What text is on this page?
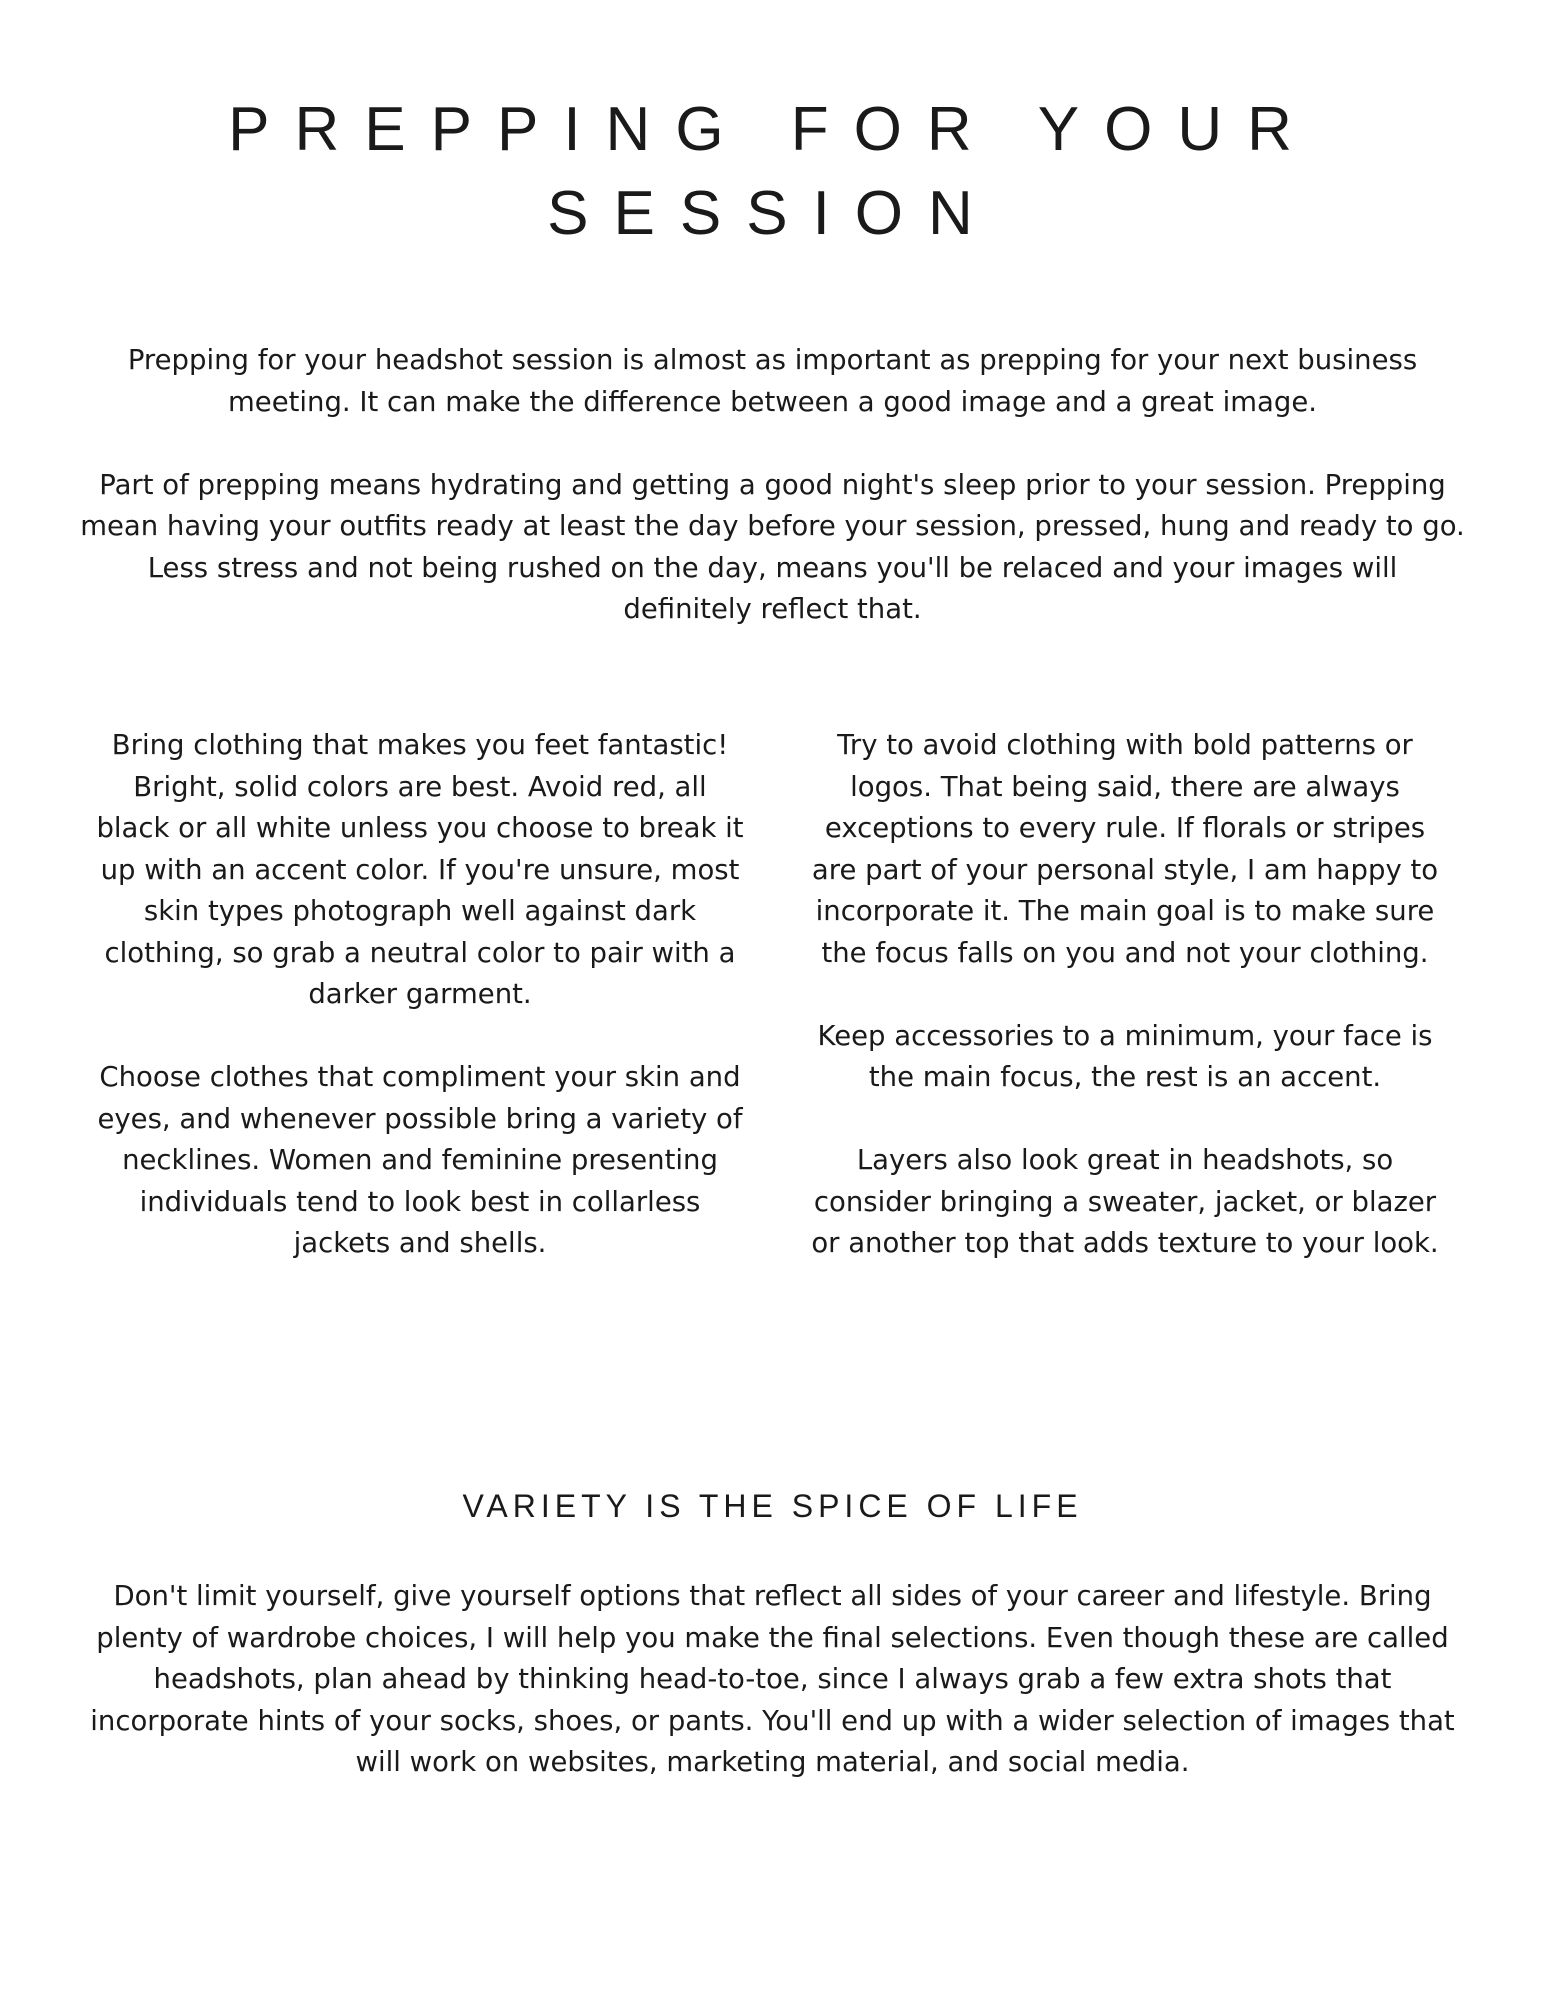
PREPPING FOR YOUR
SESSION

Prepping for your headshot session is almost as important as prepping for your next business meeting. It can make the difference between a good image and a great image.

Part of prepping means hydrating and getting a good night's sleep prior to your session. Prepping mean having your outfits ready at least the day before your session, pressed, hung and ready to go. Less stress and not being rushed on the day, means you'll be relaced and your images will definitely reflect that.

Bring clothing that makes you feet fantastic! Bright, solid colors are best. Avoid red, all black or all white unless you choose to break it up with an accent color. If you're unsure, most skin types photograph well against dark clothing, so grab a neutral color to pair with a darker garment.

Choose clothes that compliment your skin and eyes, and whenever possible bring a variety of necklines. Women and feminine presenting individuals tend to look best in collarless jackets and shells.

Try to avoid clothing with bold patterns or logos. That being said, there are always exceptions to every rule. If florals or stripes are part of your personal style, I am happy to incorporate it. The main goal is to make sure the focus falls on you and not your clothing.

Keep accessories to a minimum, your face is the main focus, the rest is an accent.

Layers also look great in headshots, so consider bringing a sweater, jacket, or blazer or another top that adds texture to your look.

VARIETY IS THE SPICE OF LIFE

Don't limit yourself, give yourself options that reflect all sides of your career and lifestyle. Bring plenty of wardrobe choices, I will help you make the final selections. Even though these are called headshots, plan ahead by thinking head-to-toe, since I always grab a few extra shots that incorporate hints of your socks, shoes, or pants. You'll end up with a wider selection of images that will work on websites, marketing material, and social media.
